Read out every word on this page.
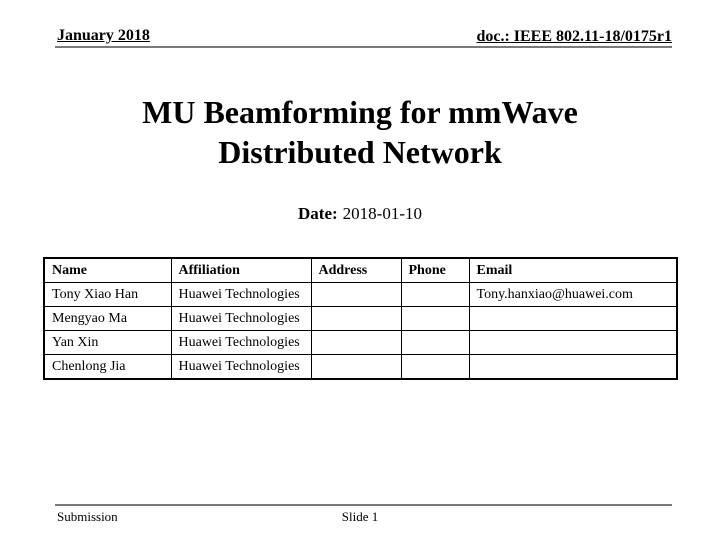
January 2018	doc.: IEEE 802.11-18/0175r1
MU Beamforming for mmWave
Distributed Network
Date: 2018-01-10
Name	Affiliation	Address	Phone	Email
Tony Xiao Han	Huawei Technologies			Tony.hanxiao@huawei.com
Mengyao Ma	Huawei Technologies			
Yan Xin	Huawei Technologies			
Chenlong Jia	Huawei Technologies			
Submission	Slide 1
